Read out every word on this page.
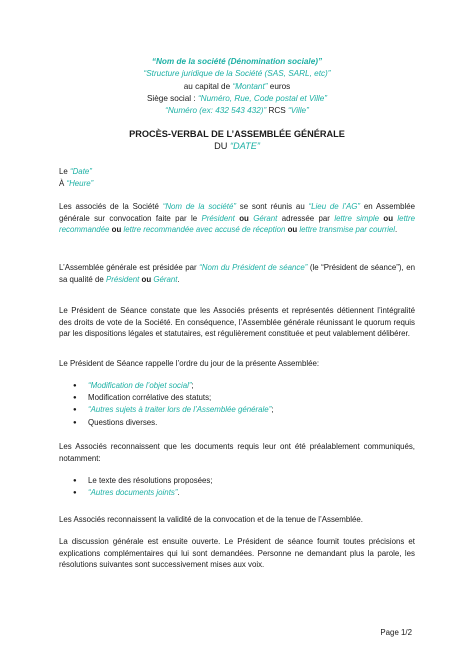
“Nom de la société (Dénomination sociale)”
“Structure juridique de la Société (SAS, SARL, etc)”
au capital de “Montant” euros
Siège social : “Numéro, Rue, Code postal et Ville”
“Numéro (ex: 432 543 432)” RCS “Ville”
PROCÈS-VERBAL DE L’ASSEMBLÉE GÉNÉRALE
DU “DATE”
Le “Date”
À “Heure”
Les associés de la Société “Nom de la société” se sont réunis au “Lieu de l’AG” en Assemblée générale sur convocation faite par le Président ou Gérant adressée par lettre simple ou lettre recommandée ou lettre recommandée avec accusé de réception ou lettre transmise par courriel.
L’Assemblée générale est présidée par “Nom du Président de séance” (le “Président de séance”), en sa qualité de Président ou Gérant.
Le Président de Séance constate que les Associés présents et représentés détiennent l’intégralité des droits de vote de la Société. En conséquence, l’Assemblée générale réunissant le quorum requis par les dispositions légales et statutaires, est régulièrement constituée et peut valablement délibérer.
Le Président de Séance rappelle l’ordre du jour de la présente Assemblée:
● “Modification de l’objet social”;
● Modification corrélative des statuts;
● “Autres sujets à traiter lors de l’Assemblée générale”;
● Questions diverses.
Les Associés reconnaissent que les documents requis leur ont été préalablement communiqués, notamment:
● Le texte des résolutions proposées;
● “Autres documents joints”.
Les Associés reconnaissent la validité de la convocation et de la tenue de l’Assemblée.
La discussion générale est ensuite ouverte. Le Président de séance fournit toutes précisions et explications complémentaires qui lui sont demandées. Personne ne demandant plus la parole, les résolutions suivantes sont successivement mises aux voix.
Page 1/2
